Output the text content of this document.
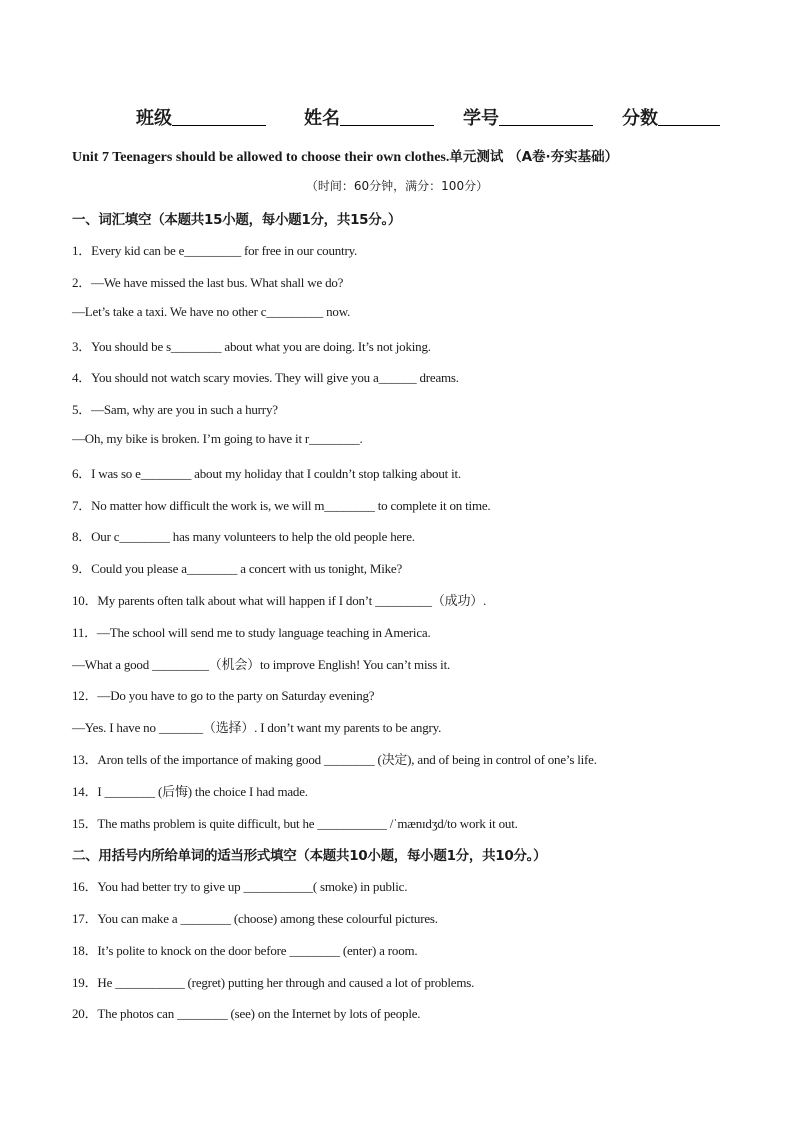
班级	姓名	学号	分数
Unit 7 Teenagers should be allowed to choose their own clothes.单元测试 （A卷·夯实基础）
（时间：60分钟，满分：100分）
一、词汇填空（本题共15小题，每小题1分，共15分。）
1．Every kid can be e_________ for free in our country.
2．—We have missed the last bus. What shall we do?
—Let’s take a taxi. We have no other c_________ now.
3．You should be s________ about what you are doing. It’s not joking.
4．You should not watch scary movies. They will give you a______ dreams.
5．—Sam, why are you in such a hurry?
—Oh, my bike is broken. I’m going to have it r________.
6．I was so e________ about my holiday that I couldn’t stop talking about it.
7．No matter how difficult the work is, we will m________ to complete it on time.
8．Our c________ has many volunteers to help the old people here.
9．Could you please a________ a concert with us tonight, Mike?
10．My parents often talk about what will happen if I don’t _________（成功）.
11．—The school will send me to study language teaching in America.
—What a good _________（机会）to improve English! You can’t miss it.
12．—Do you have to go to the party on Saturday evening?
—Yes. I have no _______（选择）. I don’t want my parents to be angry.
13．Aron tells of the importance of making good ________ (决定), and of being in control of one’s life.
14．I ________ (后悔) the choice I had made.
15．The maths problem is quite difficult, but he ___________ /ˈmænɪdʒd/to work it out.
二、用括号内所给单词的适当形式填空（本题共10小题，每小题1分，共10分。）
16．You had better try to give up ___________( smoke) in public.
17．You can make a ________ (choose) among these colourful pictures.
18．It’s polite to knock on the door before ________ (enter) a room.
19．He ___________ (regret) putting her through and caused a lot of problems.
20．The photos can ________ (see) on the Internet by lots of people.
